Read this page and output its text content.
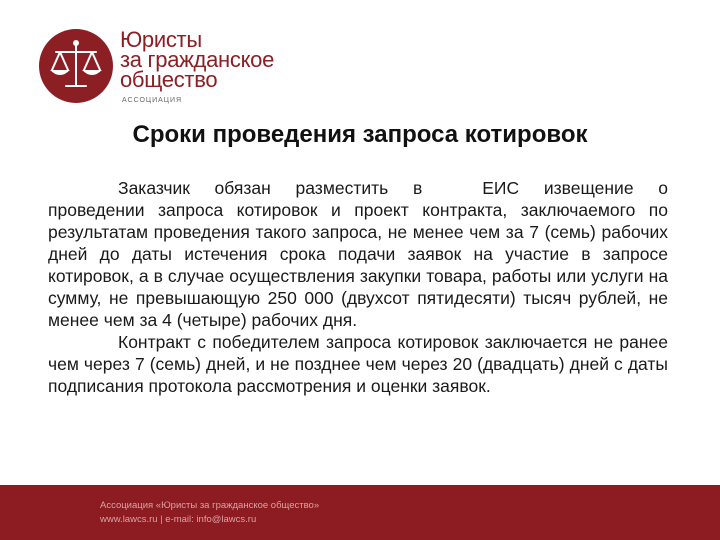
Юристы
за гражданское
общество
АССОЦИАЦИЯ
Сроки проведения запроса котировок

Заказчик обязан разместить в	ЕИС извещение о проведении запроса котировок и проект контракта, заключаемого по результатам проведения такого запроса, не менее чем за 7 (семь) рабочих дней до даты истечения срока подачи заявок на участие в запросе котировок, а в случае осуществления закупки товара, работы или услуги на сумму, не превышающую 250 000 (двухсот пятидесяти) тысяч рублей, не менее чем за 4 (четыре) рабочих дня.

Контракт с победителем запроса котировок заключается не ранее чем через 7 (семь) дней, и не позднее чем через 20 (двадцать) дней с даты подписания протокола рассмотрения и оценки заявок.

Ассоциация «Юристы за гражданское общество»
www.lawcs.ru | e-mail: info@lawcs.ru
